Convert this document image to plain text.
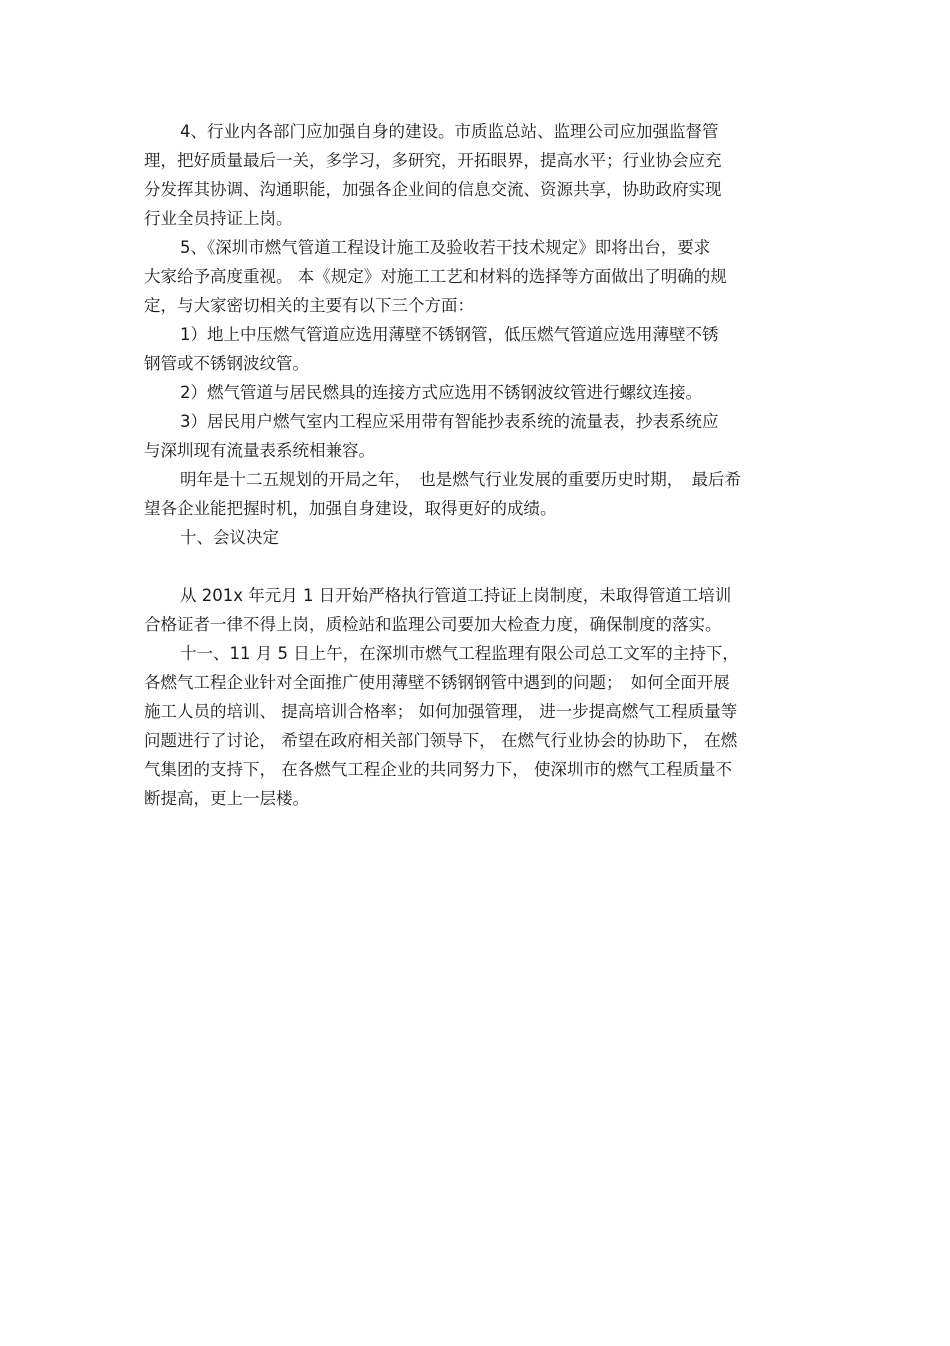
4、行业内各部门应加强自身的建设。市质监总站、监理公司应加强监督管
理，把好质量最后一关，多学习，多研究，开拓眼界，提高水平；行业协会应充
分发挥其协调、沟通职能，加强各企业间的信息交流、资源共享，协助政府实现
行业全员持证上岗。
5、《深圳市燃气管道工程设计施工及验收若干技术规定》即将出台，要求
大家给予高度重视。 本《规定》对施工工艺和材料的选择等方面做出了明确的规
定，与大家密切相关的主要有以下三个方面：
1）地上中压燃气管道应选用薄壁不锈钢管，低压燃气管道应选用薄壁不锈
钢管或不锈钢波纹管。
2）燃气管道与居民燃具的连接方式应选用不锈钢波纹管进行螺纹连接。
3）居民用户燃气室内工程应采用带有智能抄表系统的流量表，抄表系统应
与深圳现有流量表系统相兼容。
明年是十二五规划的开局之年，　也是燃气行业发展的重要历史时期，　最后希
望各企业能把握时机，加强自身建设，取得更好的成绩。
十、会议决定
从 201x 年元月 1 日开始严格执行管道工持证上岗制度，未取得管道工培训
合格证者一律不得上岗，质检站和监理公司要加大检查力度，确保制度的落实。
十一、11 月 5 日上午，在深圳市燃气工程监理有限公司总工文军的主持下，
各燃气工程企业针对全面推广使用薄壁不锈钢钢管中遇到的问题；　如何全面开展
施工人员的培训、 提高培训合格率； 如何加强管理， 进一步提高燃气工程质量等
问题进行了讨论， 希望在政府相关部门领导下， 在燃气行业协会的协助下， 在燃
气集团的支持下， 在各燃气工程企业的共同努力下， 使深圳市的燃气工程质量不
断提高，更上一层楼。
